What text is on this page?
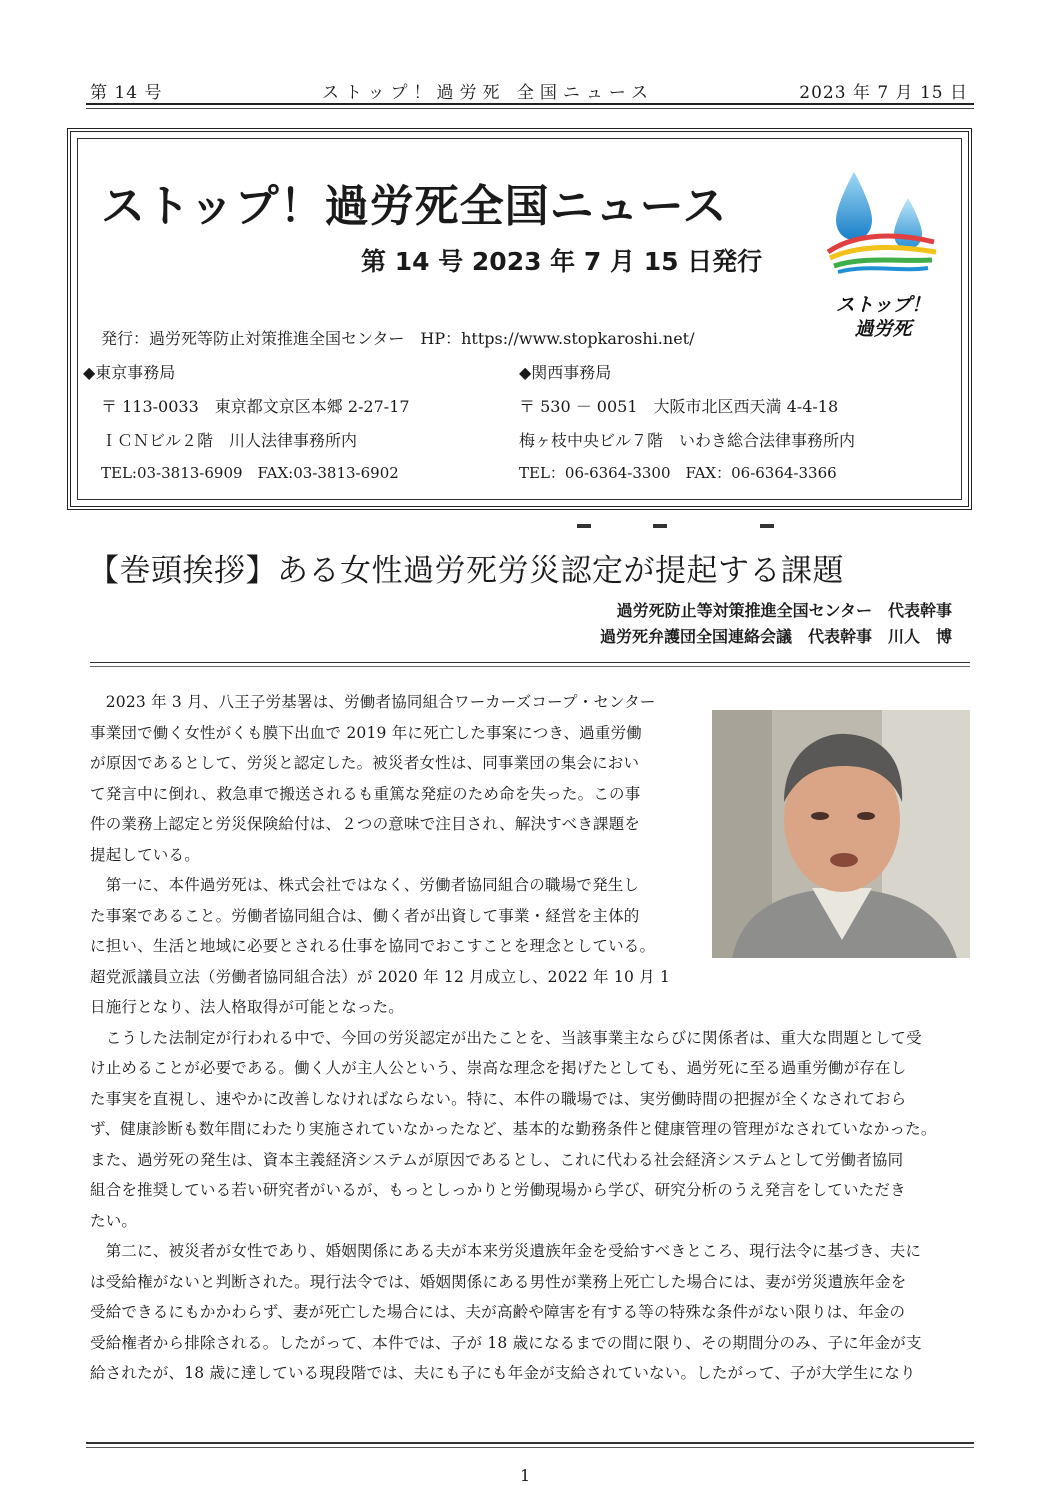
第 14 号	ストップ！過労死 全国ニュース	2023 年 7 月 15 日
ストップ！過労死全国ニュース
第 14 号 2023 年 7 月 15 日発行
発行：過労死等防止対策推進全国センター　HP：https://www.stopkaroshi.net/
◆東京事務局
〒 113-0033　東京都文京区本郷 2-27-17
ＩＣＮビル２階　川人法律事務所内
TEL:03-3813-6909　FAX:03-3813-6902
◆関西事務局
〒 530 － 0051　大阪市北区西天満 4-4-18
梅ヶ枝中央ビル７階　いわき総合法律事務所内
TEL：06-6364-3300　FAX：06-6364-3366
ストップ！
過労死
【巻頭挨拶】ある女性過労死労災認定が提起する課題
過労死防止等対策推進全国センター　代表幹事
過労死弁護団全国連絡会議　代表幹事　川人　博
　2023 年 3 月、八王子労基署は、労働者協同組合ワーカーズコープ・センター
事業団で働く女性がくも膜下出血で 2019 年に死亡した事案につき、過重労働
が原因であるとして、労災と認定した。被災者女性は、同事業団の集会におい
て発言中に倒れ、救急車で搬送されるも重篤な発症のため命を失った。この事
件の業務上認定と労災保険給付は、２つの意味で注目され、解決すべき課題を
提起している。
　第一に、本件過労死は、株式会社ではなく、労働者協同組合の職場で発生し
た事案であること。労働者協同組合は、働く者が出資して事業・経営を主体的
に担い、生活と地域に必要とされる仕事を協同でおこすことを理念としている。
超党派議員立法（労働者協同組合法）が 2020 年 12 月成立し、2022 年 10 月 1
日施行となり、法人格取得が可能となった。
　こうした法制定が行われる中で、今回の労災認定が出たことを、当該事業主ならびに関係者は、重大な問題として受
け止めることが必要である。働く人が主人公という、崇高な理念を掲げたとしても、過労死に至る過重労働が存在し
た事実を直視し、速やかに改善しなければならない。特に、本件の職場では、実労働時間の把握が全くなされておら
ず、健康診断も数年間にわたり実施されていなかったなど、基本的な勤務条件と健康管理の管理がなされていなかった。
また、過労死の発生は、資本主義経済システムが原因であるとし、これに代わる社会経済システムとして労働者協同
組合を推奨している若い研究者がいるが、もっとしっかりと労働現場から学び、研究分析のうえ発言をしていただき
たい。
　第二に、被災者が女性であり、婚姻関係にある夫が本来労災遺族年金を受給すべきところ、現行法令に基づき、夫に
は受給権がないと判断された。現行法令では、婚姻関係にある男性が業務上死亡した場合には、妻が労災遺族年金を
受給できるにもかかわらず、妻が死亡した場合には、夫が高齢や障害を有する等の特殊な条件がない限りは、年金の
受給権者から排除される。したがって、本件では、子が 18 歳になるまでの間に限り、その期間分のみ、子に年金が支
給されたが、18 歳に達している現段階では、夫にも子にも年金が支給されていない。したがって、子が大学生になり
1
